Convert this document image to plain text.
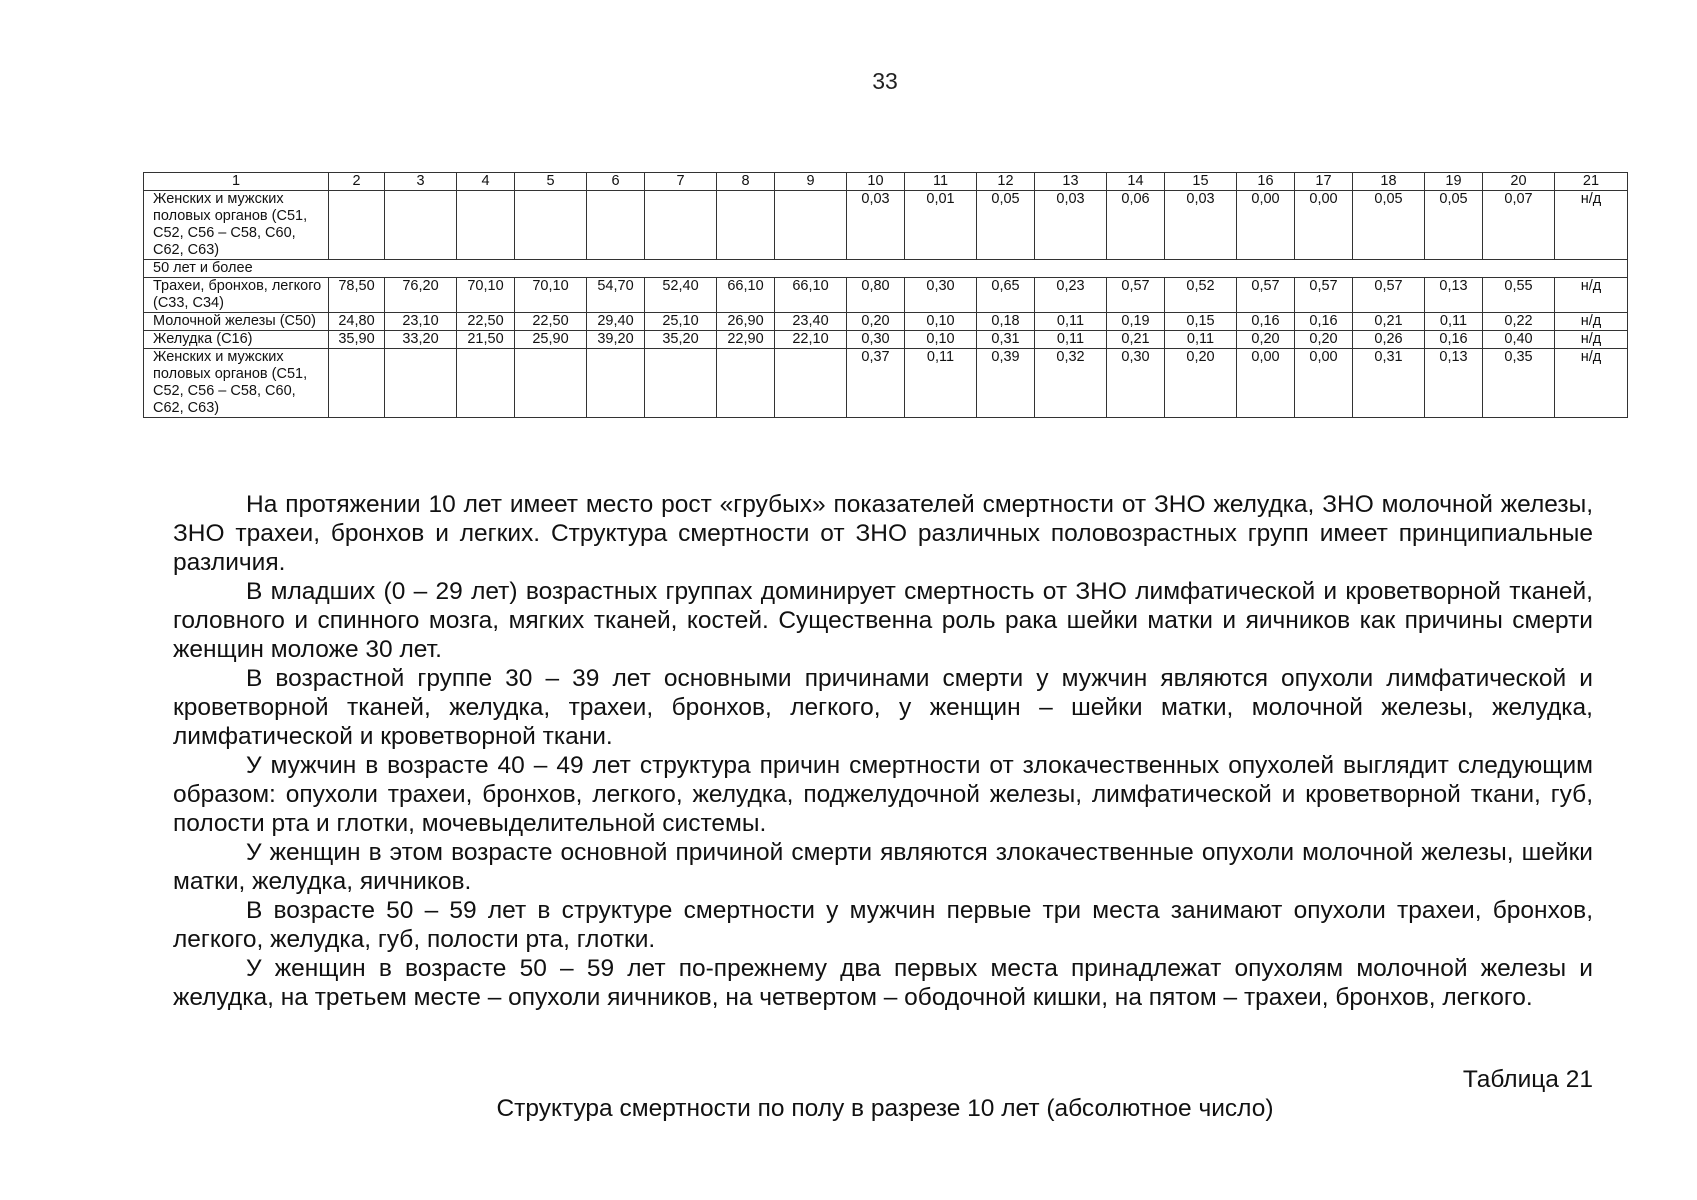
33
1	2	3	4	5	6	7	8	9	10	11	12	13	14	15	16	17	18	19	20	21
Женских и мужских половых органов (С51, С52, С56 – С58, С60, С62, С63)									0,03	0,01	0,05	0,03	0,06	0,03	0,00	0,00	0,05	0,05	0,07	н/д
50 лет и более																				
Трахеи, бронхов, легкого (С33, С34)	78,50	76,20	70,10	70,10	54,70	52,40	66,10	66,10	0,80	0,30	0,65	0,23	0,57	0,52	0,57	0,57	0,57	0,13	0,55	н/д
Молочной железы (С50)	24,80	23,10	22,50	22,50	29,40	25,10	26,90	23,40	0,20	0,10	0,18	0,11	0,19	0,15	0,16	0,16	0,21	0,11	0,22	н/д
Желудка (С16)	35,90	33,20	21,50	25,90	39,20	35,20	22,90	22,10	0,30	0,10	0,31	0,11	0,21	0,11	0,20	0,20	0,26	0,16	0,40	н/д
Женских и мужских половых органов (С51, С52, С56 – С58, С60, С62, С63)									0,37	0,11	0,39	0,32	0,30	0,20	0,00	0,00	0,31	0,13	0,35	н/д

На протяжении 10 лет имеет место рост «грубых» показателей смертности от ЗНО желудка, ЗНО молочной железы, ЗНО трахеи, бронхов и легких. Структура смертности от ЗНО различных половозрастных групп имеет принципиальные различия.

В младших (0 – 29 лет) возрастных группах доминирует смертность от ЗНО лимфатической и кроветворной тканей, головного и спинного мозга, мягких тканей, костей. Существенна роль рака шейки матки и яичников как причины смерти женщин моложе 30 лет.

В возрастной группе 30 – 39 лет основными причинами смерти у мужчин являются опухоли лимфатической и кроветворной тканей, желудка, трахеи, бронхов, легкого, у женщин – шейки матки, молочной железы, желудка, лимфатической и кроветворной ткани.

У мужчин в возрасте 40 – 49 лет структура причин смертности от злокачественных опухолей выглядит следующим образом: опухоли трахеи, бронхов, легкого, желудка, поджелудочной железы, лимфатической и кроветворной ткани, губ, полости рта и глотки, мочевыделительной системы.

У женщин в этом возрасте основной причиной смерти являются злокачественные опухоли молочной железы, шейки матки, желудка, яичников.

В возрасте 50 – 59 лет в структуре смертности у мужчин первые три места занимают опухоли трахеи, бронхов, легкого, желудка, губ, полости рта, глотки.

У женщин в возрасте 50 – 59 лет по-прежнему два первых места принадлежат опухолям молочной железы и желудка, на третьем месте – опухоли яичников, на четвертом – ободочной кишки, на пятом – трахеи, бронхов, легкого.

Таблица 21
Структура смертности по полу в разрезе 10 лет (абсолютное число)
